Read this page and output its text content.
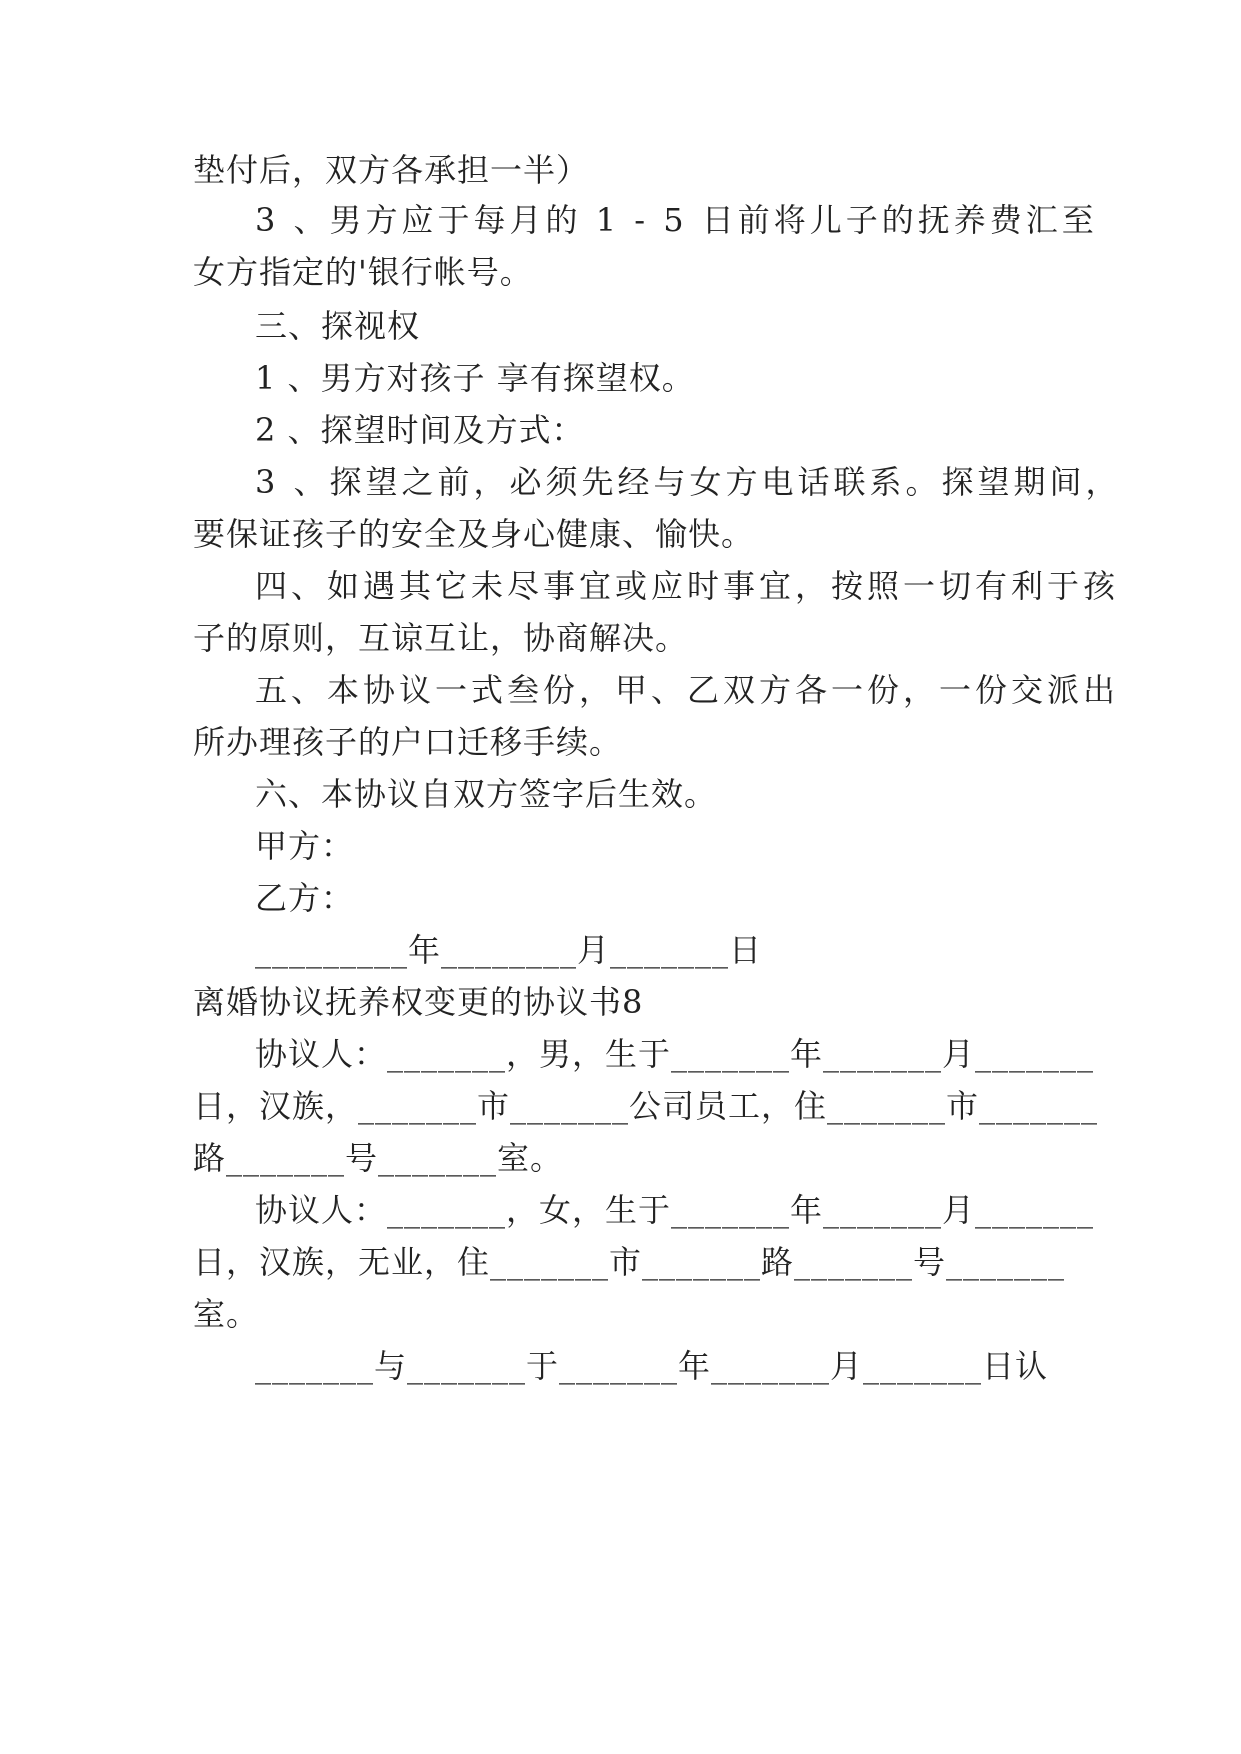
垫付后，双方各承担一半）
3 、男方应于每月的 1 - 5 日前将儿子的抚养费汇至
女方指定的'银行帐号。
三、探视权
1 、男方对孩子 享有探望权。
2 、探望时间及方式：
3 、探望之前，必须先经与女方电话联系。探望期间，
要保证孩子的安全及身心健康、愉快。
四、如遇其它未尽事宜或应时事宜，按照一切有利于孩
子的原则，互谅互让，协商解决。
五、本协议一式叁份，甲、乙双方各一份，一份交派出
所办理孩子的户口迁移手续。
六、本协议自双方签字后生效。
甲方：
乙方：
_________年________月_______日
离婚协议抚养权变更的协议书8
协议人：_______，男，生于_______年_______月_______
日，汉族，_______市_______公司员工，住_______市_______
路_______号_______室。
协议人：_______，女，生于_______年_______月_______
日，汉族，无业，住_______市_______路_______号_______
室。
_______与_______于_______年_______月_______日认
